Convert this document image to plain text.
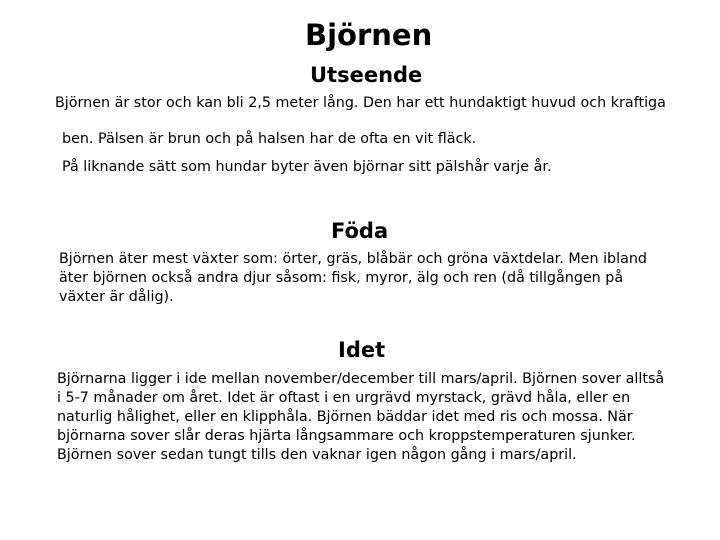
Björnen
Utseende
Björnen är stor och kan bli 2,5 meter lång. Den har ett hundaktigt huvud och kraftiga
ben. Pälsen är brun och på halsen har de ofta en vit fläck.
På liknande sätt som hundar byter även björnar sitt pälshår varje år.
Föda
Björnen äter mest växter som: örter, gräs, blåbär och gröna växtdelar. Men ibland
äter björnen också andra djur såsom: fisk, myror, älg och ren (då tillgången på
växter är dålig).
Idet
Björnarna ligger i ide mellan november/december till mars/april. Björnen sover alltså
i 5-7 månader om året. Idet är oftast i en urgrävd myrstack, grävd håla, eller en
naturlig hålighet, eller en klipphåla. Björnen bäddar idet med ris och mossa. När
björnarna sover slår deras hjärta långsammare och kroppstemperaturen sjunker.
Björnen sover sedan tungt tills den vaknar igen någon gång i mars/april.
